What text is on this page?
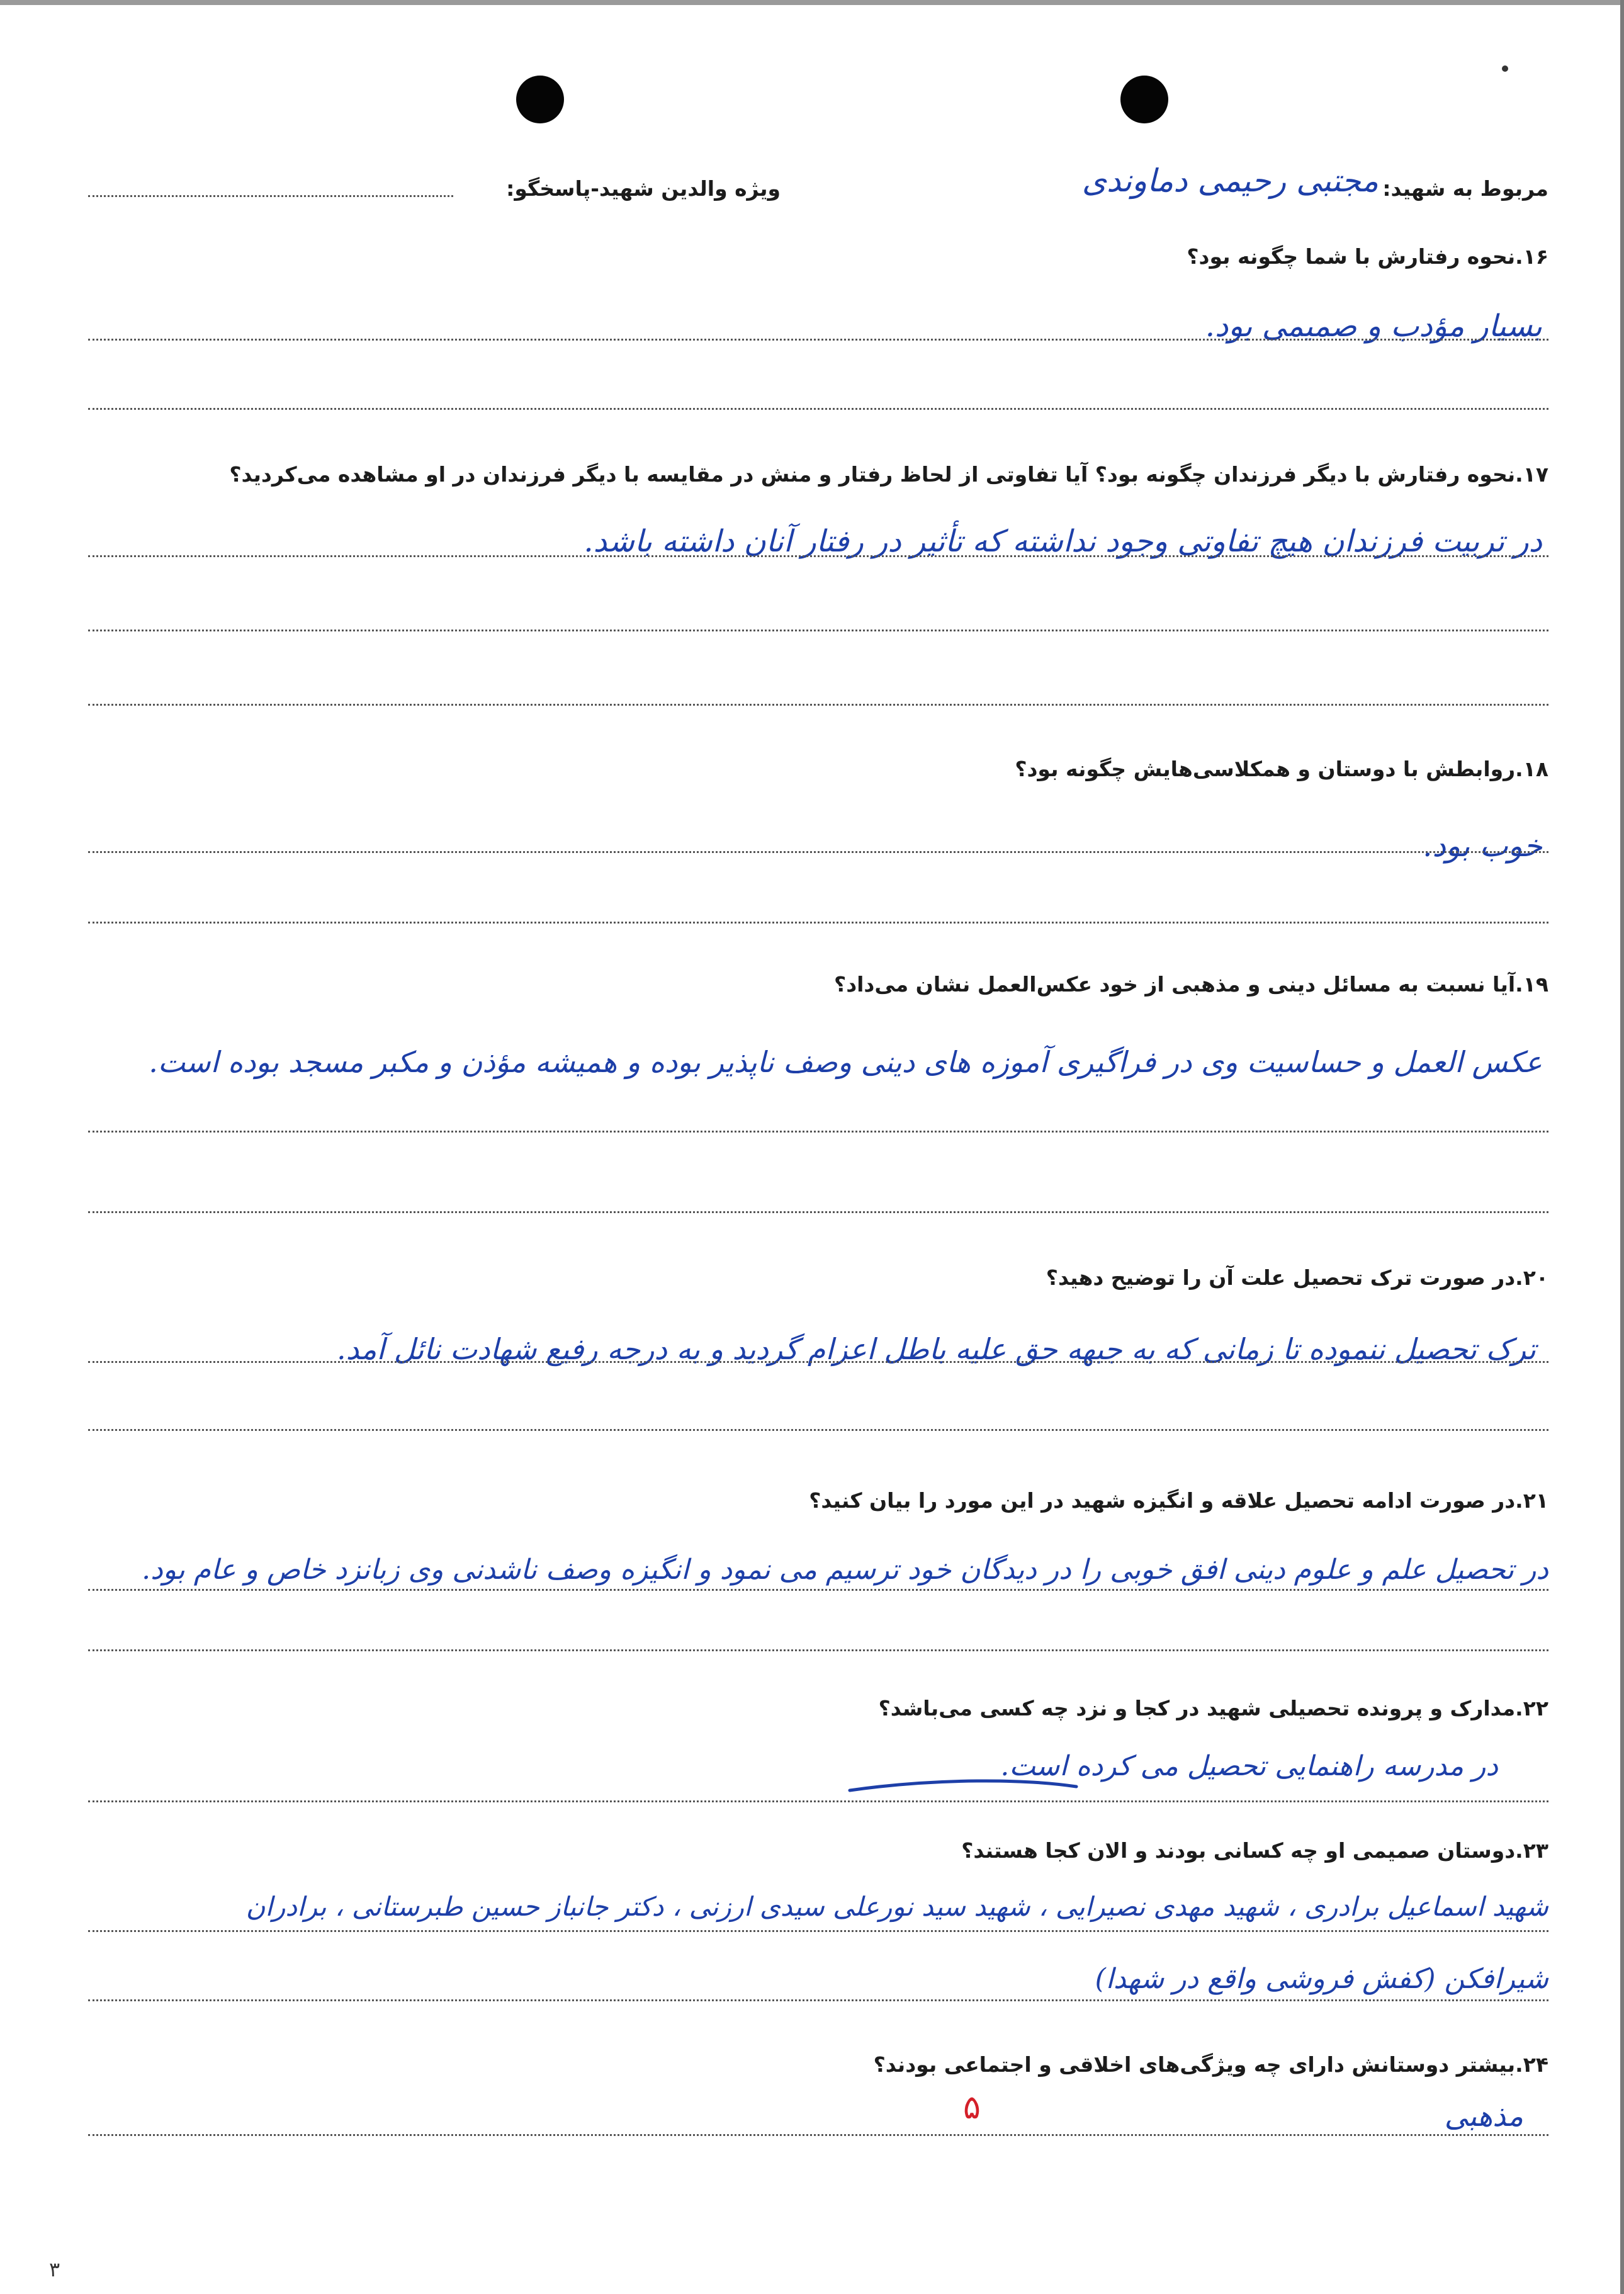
مربوط به شهید:
مجتبی رحیمی دماوندی
ویژه والدین شهید-پاسخگو:
۱۶.نحوه رفتارش با شما چگونه بود؟
بسیار مؤدب و صمیمی بود.
۱۷.نحوه رفتارش با دیگر فرزندان چگونه بود؟ آیا تفاوتی از لحاظ رفتار و منش در مقایسه با دیگر فرزندان در او مشاهده می‌کردید؟
در تربیت فرزندان هیچ تفاوتی وجود نداشته که تأثیر در رفتار آنان داشته باشد.
۱۸.روابطش با دوستان و همکلاسی‌هایش چگونه بود؟
خوب بود.
۱۹.آیا نسبت به مسائل دینی و مذهبی از خود عکس‌العمل نشان می‌داد؟
عکس العمل و حساسیت وی در فراگیری آموزه های دینی وصف ناپذیر بوده و همیشه مؤذن و مکبر مسجد بوده است.
۲۰.در صورت ترک تحصیل علت آن را توضیح دهید؟
ترک تحصیل ننموده تا زمانی که به جبهه حق علیه باطل اعزام گردید و به درجه رفیع شهادت نائل آمد.
۲۱.در صورت ادامه تحصیل علاقه و انگیزه شهید در این مورد را بیان کنید؟
در تحصیل علم و علوم دینی افق خوبی را در دیدگان خود ترسیم می نمود و انگیزه وصف ناشدنی وی زبانزد خاص و عام بود.
۲۲.مدارک و پرونده تحصیلی شهید در کجا و نزد چه کسی می‌باشد؟
در مدرسه راهنمایی تحصیل می کرده است.
۲۳.دوستان صمیمی او چه کسانی بودند و الان کجا هستند؟
شهید اسماعیل برادری ، شهید مهدی نصیرایی ، شهید سید نورعلی سیدی ارزنی ، دکتر جانباز حسین طبرستانی ، برادران
شیرافکن (کفش فروشی واقع در شهدا)
۲۴.بیشتر دوستانش دارای چه ویژگی‌های اخلاقی و اجتماعی بودند؟
مذهبی
۵
۳
